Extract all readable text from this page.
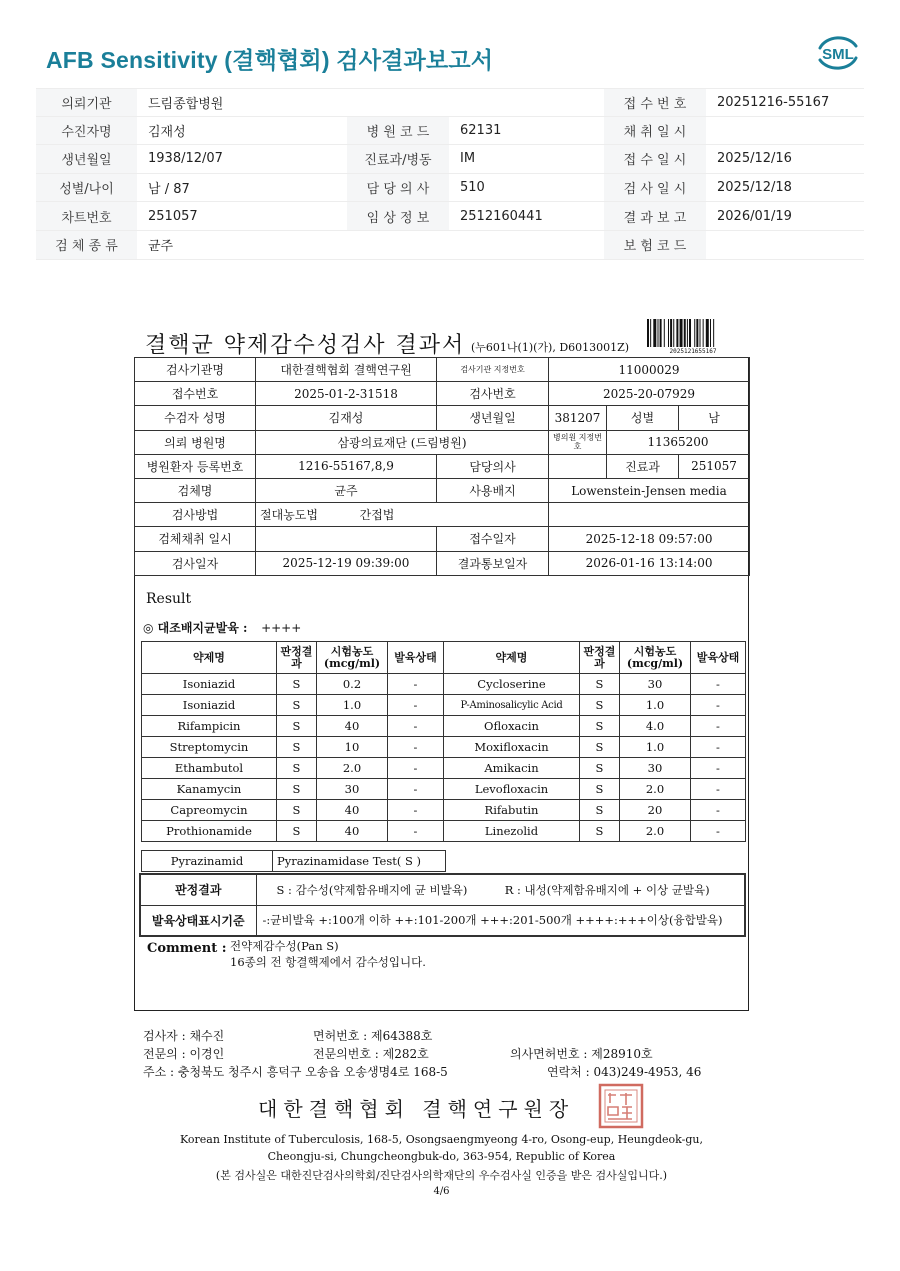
AFB Sensitivity (결핵협회) 검사결과보고서	SML
의뢰기관	드림종합병원	접 수 번 호	20251216-55167
수진자명	김재성	병 원 코 드	62131	채 취 일 시
생년월일	1938/12/07	진료과/병동	IM	접 수 일 시	2025/12/16
성별/나이	남 / 87	담 당 의 사	510	검 사 일 시	2025/12/18
차트번호	251057	임 상 정 보	2512160441	결 과 보 고	2026/01/19
검 체 종 류	균주	보 험 코 드
결핵균 약제감수성검사 결과서 (누601나(1)(가), D6013001Z)	2025121655167
검사기관명	대한결핵협회 결핵연구원	검사기관 지정번호	11000029		
접수번호	2025-01-2-31518	검사번호	2025-20-07929		
수검자 성명	김재성	생년월일	381207	성별	남
의뢰 병원명	삼광의료재단 (드림병원)		병의원 지정번호	11365200	
병원환자 등록번호	1216-55167,8,9	담당의사		진료과	251057
검체명	균주	사용배지	Lowenstein-Jensen media		
검사방법	절대농도법 간접법				
검체채취 일시		접수일자	2025-12-18 09:57:00		
검사일자	2025-12-19 09:39:00	결과통보일자	2026-01-16 13:14:00		
Result
◎ 대조배지균발육 : ++++
약제명	판정결과	시험농도 (mcg/ml)	발육상태	약제명	판정결과	시험농도 (mcg/ml)	발육상태
Isoniazid	S	0.2	-	Cycloserine	S	30	-
Isoniazid	S	1.0	-	P-Aminosalicylic Acid	S	1.0	-
Rifampicin	S	40	-	Ofloxacin	S	4.0	-
Streptomycin	S	10	-	Moxifloxacin	S	1.0	-
Ethambutol	S	2.0	-	Amikacin	S	30	-
Kanamycin	S	30	-	Levofloxacin	S	2.0	-
Capreomycin	S	40	-	Rifabutin	S	20	-
Prothionamide	S	40	-	Linezolid	S	2.0	-
Pyrazinamid	Pyrazinamidase Test( S )
판정결과	S : 감수성(약제함유배지에 균 비발육) R : 내성(약제함유배지에 + 이상 균발육)
발육상태표시기준	-:균비발육 +:100개 이하 ++:101-200개 +++:201-500개 ++++:+++이상(융합발육)
Comment : 전약제감수성(Pan S)
16종의 전 항결핵제에서 감수성입니다.
검사자 : 채수진	면허번호 : 제64388호
전문의 : 이경인	전문의번호 : 제282호	의사면허번호 : 제28910호
주소 : 충청북도 청주시 흥덕구 오송읍 오송생명4로 168-5	연락처 : 043)249-4953, 46
대한결핵협회 결핵연구원장
Korean Institute of Tuberculosis, 168-5, Osongsaengmyeong 4-ro, Osong-eup, Heungdeok-gu,
Cheongju-si, Chungcheongbuk-do, 363-954, Republic of Korea
(본 검사실은 대한진단검사의학회/진단검사의학재단의 우수검사실 인증을 받은 검사실입니다.)
4/6
